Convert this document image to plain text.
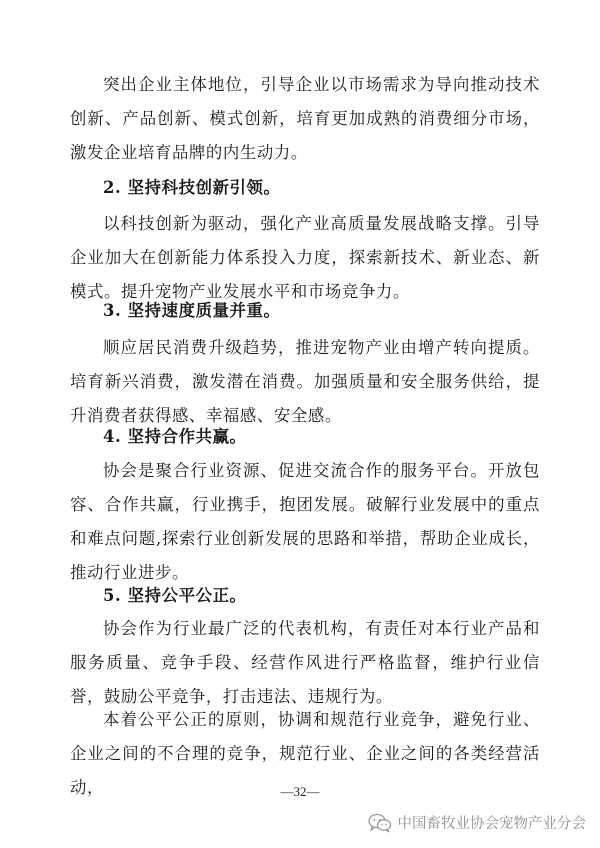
突出企业主体地位，引导企业以市场需求为导向推动技术创新、产品创新、模式创新，培育更加成熟的消费细分市场，激发企业培育品牌的内生动力。
2. 坚持科技创新引领。
以科技创新为驱动，强化产业高质量发展战略支撑。引导企业加大在创新能力体系投入力度，探索新技术、新业态、新模式。提升宠物产业发展水平和市场竞争力。
3. 坚持速度质量并重。
顺应居民消费升级趋势，推进宠物产业由增产转向提质。培育新兴消费，激发潜在消费。加强质量和安全服务供给，提升消费者获得感、幸福感、安全感。
4. 坚持合作共赢。
协会是聚合行业资源、促进交流合作的服务平台。开放包容、合作共赢，行业携手，抱团发展。破解行业发展中的重点和难点问题,探索行业创新发展的思路和举措，帮助企业成长，推动行业进步。
5. 坚持公平公正。
协会作为行业最广泛的代表机构，有责任对本行业产品和服务质量、竞争手段、经营作风进行严格监督，维护行业信誉，鼓励公平竞争，打击违法、违规行为。
本着公平公正的原则，协调和规范行业竞争，避免行业、企业之间的不合理的竞争，规范行业、企业之间的各类经营活动，	—32—
中国畜牧业协会宠物产业分会
